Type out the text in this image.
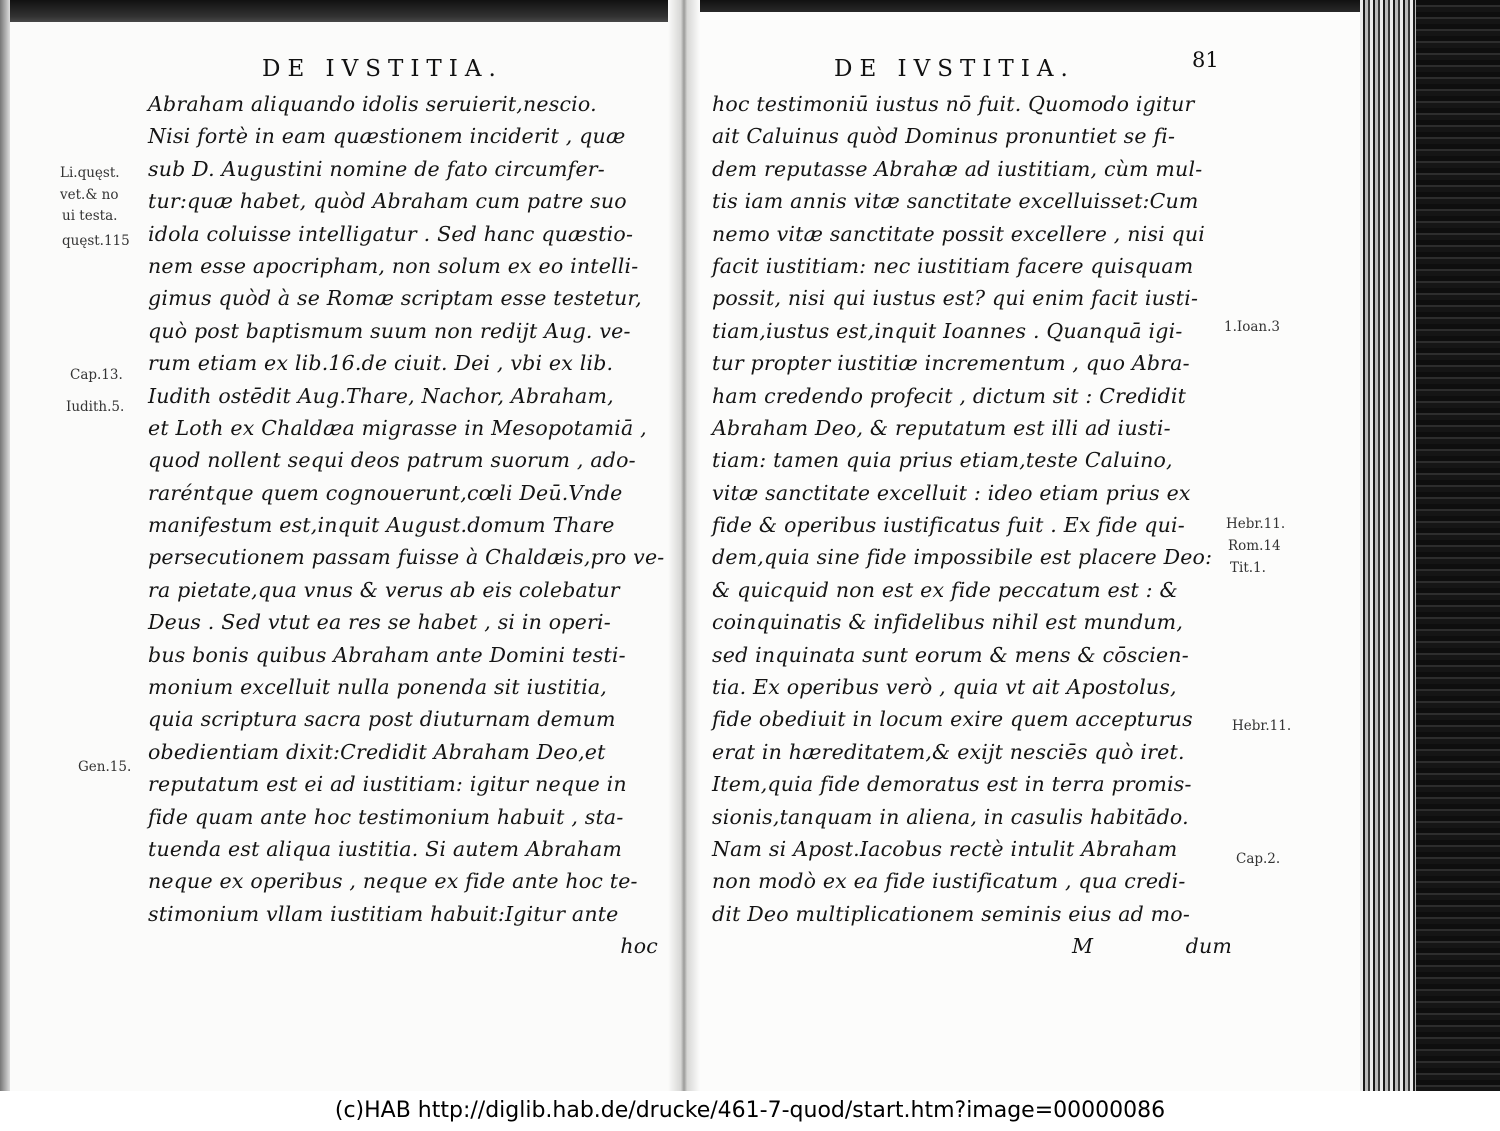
DE IVSTITIA.
Li.quęst.
vet.& no
ui testa.
quęst.115
Cap.13.
Iudith.5.
Gen.15.
Abraham aliquando idolis seruierit,nescio.
Nisi fortè in eam quæstionem inciderit , quæ
sub D. Augustini nomine de fato circumfer-
tur:quæ habet, quòd Abraham cum patre suo
idola coluisse intelligatur . Sed hanc quæstio-
nem esse apocripham, non solum ex eo intelli-
gimus quòd à se Romæ scriptam esse testetur,
quò post baptismum suum non rediјt Aug. ve-
rum etiam ex lib.16.de ciuit. Dei , vbi ex lib.
Iudith ostēdit Aug.Thare, Nachor, Abraham,
et Loth ex Chaldæa migrasse in Mesopotamiā ,
quod nollent sequi deos patrum suorum , ado-
raréntque quem cognouerunt,cœli Deū.Vnde
manifestum est,inquit August.domum Thare
persecutionem passam fuisse à Chaldæis,pro ve-
ra pietate,qua vnus & verus ab eis colebatur
Deus . Sed vtut ea res se habet , si in operi-
bus bonis quibus Abraham ante Domini testi-
monium excelluit nulla ponenda sit iustitia,
quia scriptura sacra post diuturnam demum
obedientiam dixit:Credidit Abraham Deo,et
reputatum est ei ad iustitiam: igitur neque in
fide quam ante hoc testimonium habuit , sta-
tuenda est aliqua iustitia. Si autem Abraham
neque ex operibus , neque ex fide ante hoc te-
stimonium vllam iustitiam habuit:Igitur ante
hoc
DE IVSTITIA.	81
hoc testimoniū iustus nō fuit. Quomodo igitur
ait Caluinus quòd Dominus pronuntiet se fi-
dem reputasse Abrahæ ad iustitiam, cùm mul-
tis iam annis vitæ sanctitate excelluisset:Cum
nemo vitæ sanctitate possit excellere , nisi qui
facit iustitiam: nec iustitiam facere quisquam
possit, nisi qui iustus est? qui enim facit iusti-
tiam,iustus est,inquit Ioannes . Quanquā igi-
tur propter iustitiæ incrementum , quo Abra-
ham credendo profecit , dictum sit : Credidit
Abraham Deo, & reputatum est illi ad iusti-
tiam: tamen quia prius etiam,teste Caluino,
vitæ sanctitate excelluit : ideo etiam prius ex
fide & operibus iustificatus fuit . Ex fide qui-
dem,quia sine fide impossibile est placere Deo:
& quicquid non est ex fide peccatum est : &
coinquinatis & infidelibus nihil est mundum,
sed inquinata sunt eorum & mens & cōscien-
tia. Ex operibus verò , quia vt ait Apostolus,
fide obediuit in locum exire quem accepturus
erat in hæreditatem,& exijt nesciēs quò iret.
Item,quia fide demoratus est in terra promis-
sionis,tanquam in aliena, in casulis habitādo.
Nam si Apost.Iacobus rectè intulit Abraham
non modò ex ea fide iustificatum , qua credi-
dit Deo multiplicationem seminis eius ad mo-
M	dum
1.Ioan.3
Hebr.11.
Rom.14
Tit.1.
Hebr.11.
Cap.2.
(c)HAB http://diglib.hab.de/drucke/461-7-quod/start.htm?image=00000086
